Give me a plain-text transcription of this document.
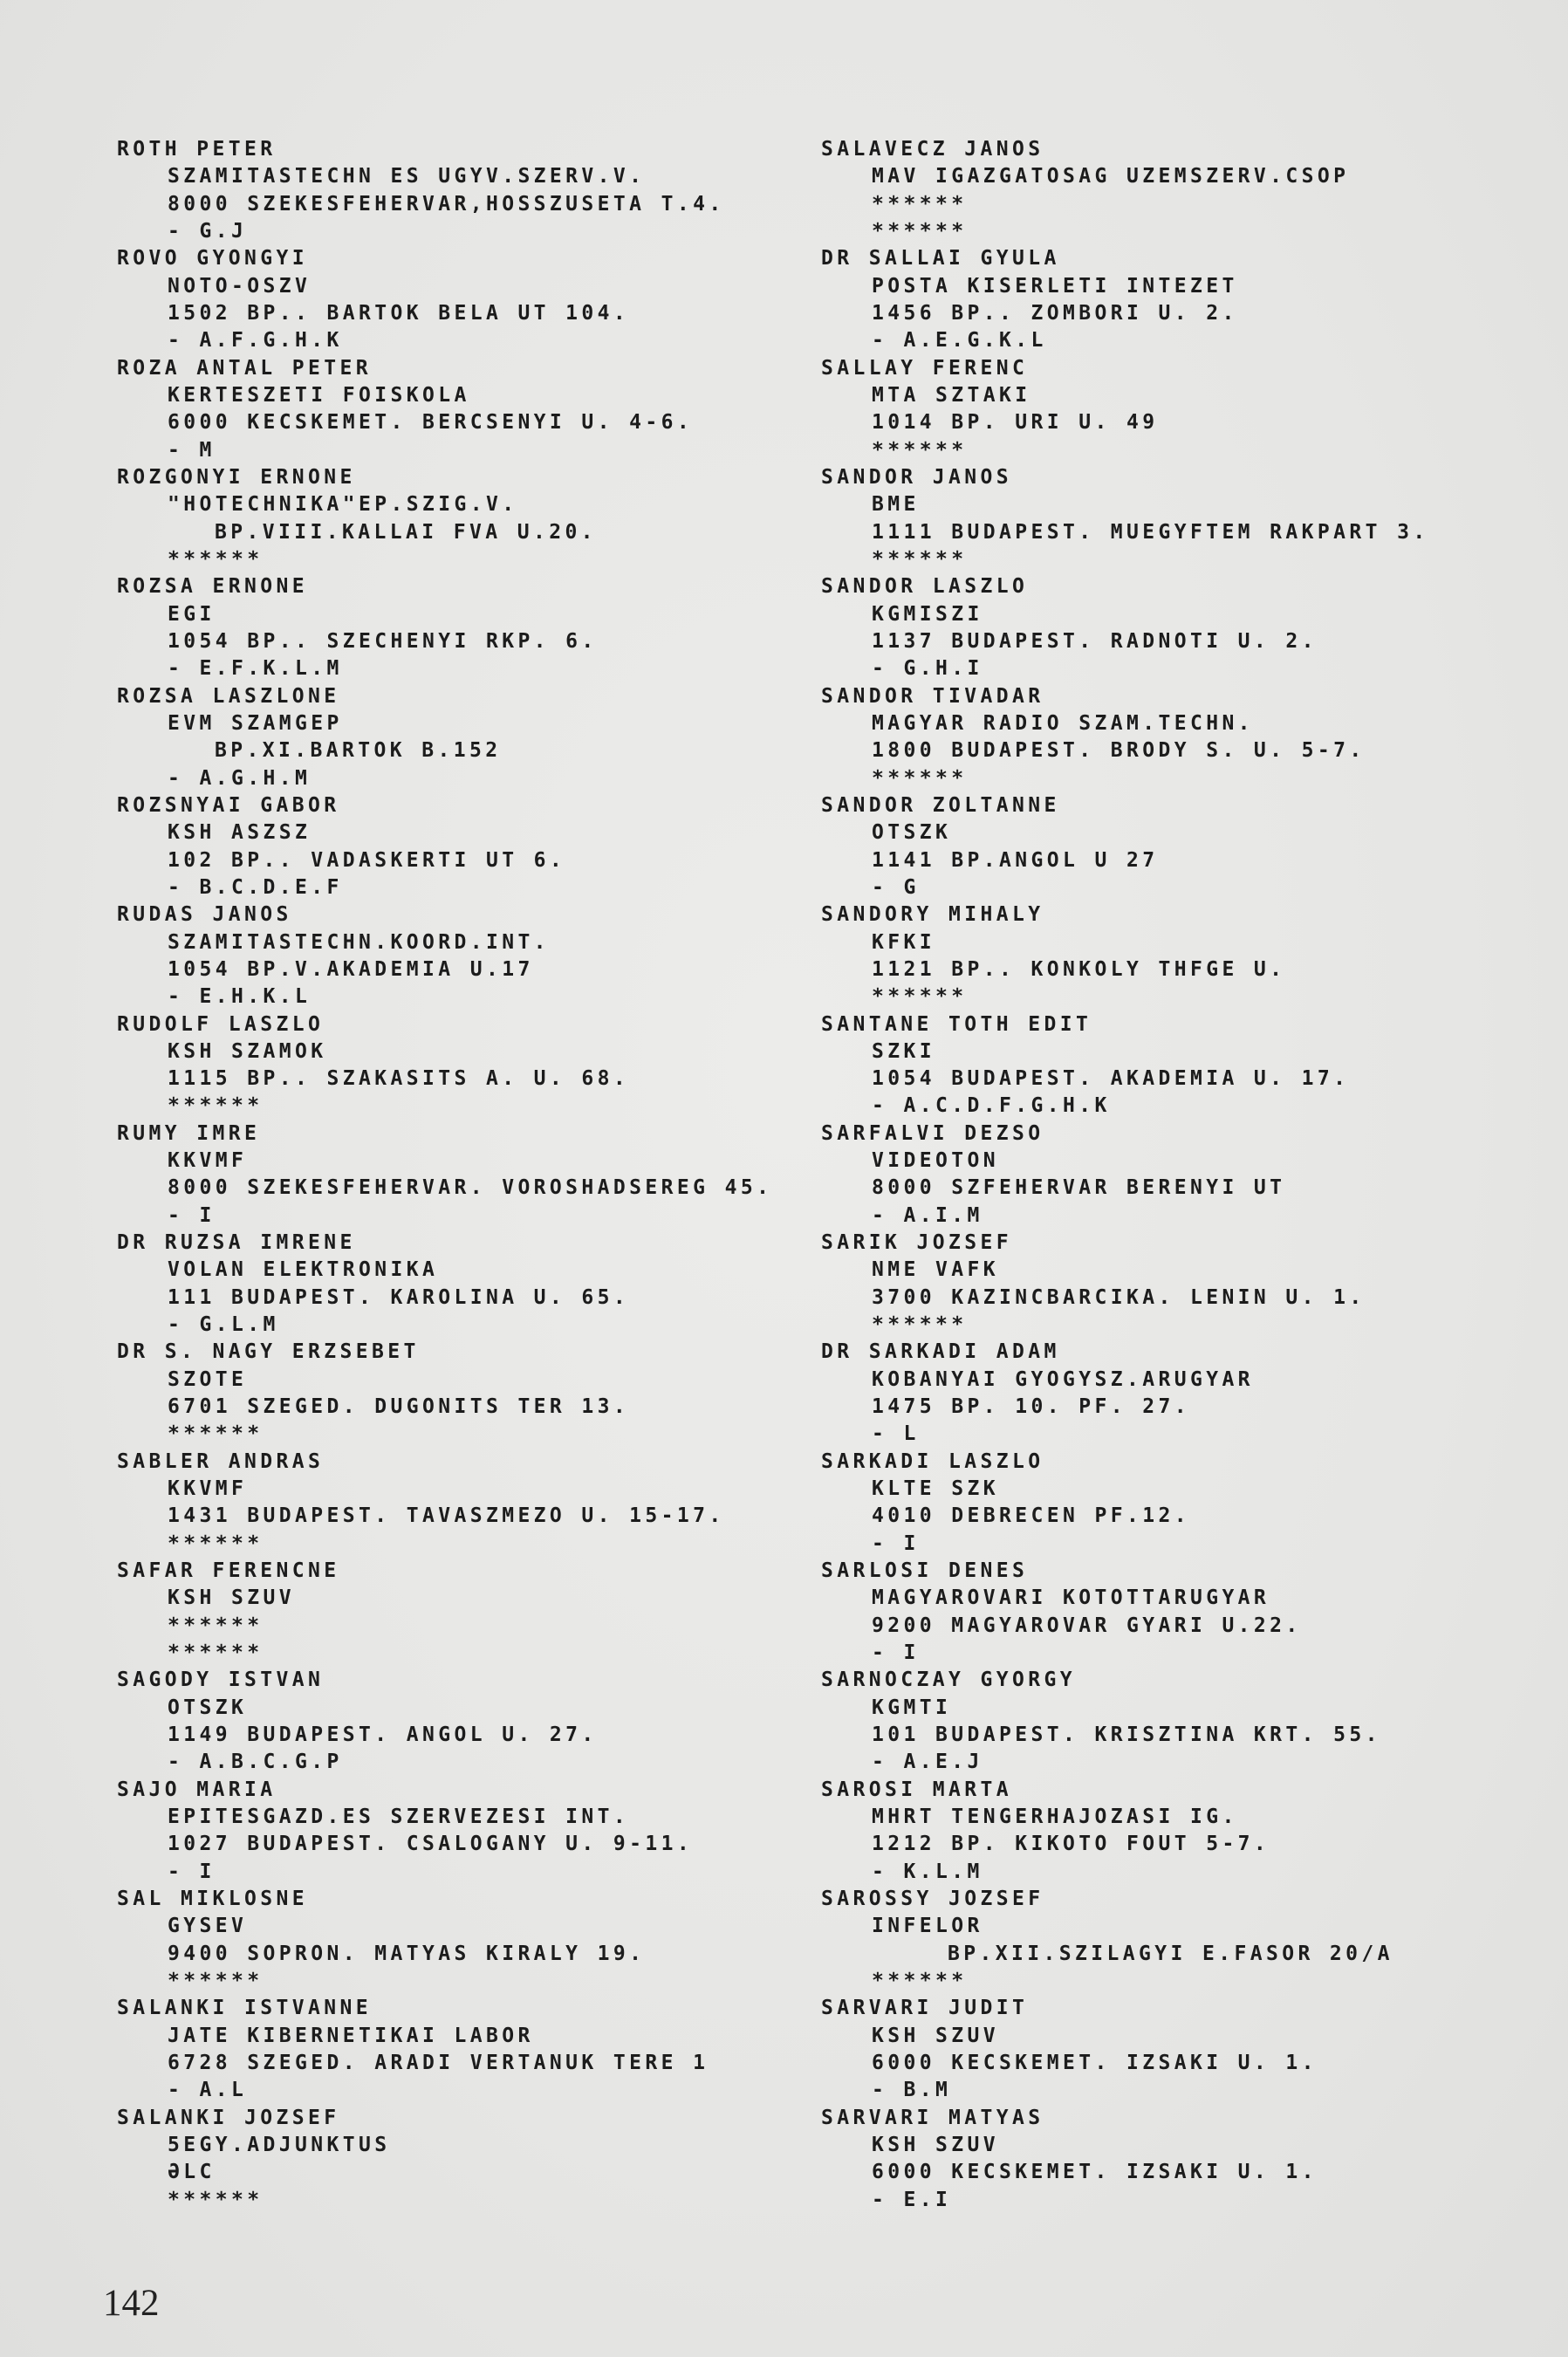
ROTH PETER
SZAMITASTECHN ES UGYV.SZERV.V.
8000 SZEKESFEHERVAR,HOSSZUSETA T.4.
- G.J
ROVO GYONGYI
NOTO-OSZV
1502 BP.. BARTOK BELA UT 104.
- A.F.G.H.K
ROZA ANTAL PETER
KERTESZETI FOISKOLA
6000 KECSKEMET. BERCSENYI U. 4-6.
- M
ROZGONYI ERNONE
"HOTECHNIKA"EP.SZIG.V.
BP.VIII.KALLAI FVA U.20.
******
ROZSA ERNONE
EGI
1054 BP.. SZECHENYI RKP. 6.
- E.F.K.L.M
ROZSA LASZLONE
EVM SZAMGEP
BP.XI.BARTOK B.152
- A.G.H.M
ROZSNYAI GABOR
KSH ASZSZ
102 BP.. VADASKERTI UT 6.
- B.C.D.E.F
RUDAS JANOS
SZAMITASTECHN.KOORD.INT.
1054 BP.V.AKADEMIA U.17
- E.H.K.L
RUDOLF LASZLO
KSH SZAMOK
1115 BP.. SZAKASITS A. U. 68.
******
RUMY IMRE
KKVMF
8000 SZEKESFEHERVAR. VOROSHADSEREG 45.
- I
DR RUZSA IMRENE
VOLAN ELEKTRONIKA
111 BUDAPEST. KAROLINA U. 65.
- G.L.M
DR S. NAGY ERZSEBET
SZOTE
6701 SZEGED. DUGONITS TER 13.
******
SABLER ANDRAS
KKVMF
1431 BUDAPEST. TAVASZMEZO U. 15-17.
******
SAFAR FERENCNE
KSH SZUV
******
******
SAGODY ISTVAN
OTSZK
1149 BUDAPEST. ANGOL U. 27.
- A.B.C.G.P
SAJO MARIA
EPITESGAZD.ES SZERVEZESI INT.
1027 BUDAPEST. CSALOGANY U. 9-11.
- I
SAL MIKLOSNE
GYSEV
9400 SOPRON. MATYAS KIRALY 19.
******
SALANKI ISTVANNE
JATE KIBERNETIKAI LABOR
6728 SZEGED. ARADI VERTANUK TERE 1
- A.L
SALANKI JOZSEF
5EGY.ADJUNKTUS
ƏLC
******
SALAVECZ JANOS
MAV IGAZGATOSAG UZEMSZERV.CSOP
******
******
DR SALLAI GYULA
POSTA KISERLETI INTEZET
1456 BP.. ZOMBORI U. 2.
- A.E.G.K.L
SALLAY FERENC
MTA SZTAKI
1014 BP. URI U. 49
******
SANDOR JANOS
BME
1111 BUDAPEST. MUEGYFTEM RAKPART 3.
******
SANDOR LASZLO
KGMISZI
1137 BUDAPEST. RADNOTI U. 2.
- G.H.I
SANDOR TIVADAR
MAGYAR RADIO SZAM.TECHN.
1800 BUDAPEST. BRODY S. U. 5-7.
******
SANDOR ZOLTANNE
OTSZK
1141 BP.ANGOL U 27
- G
SANDORY MIHALY
KFKI
1121 BP.. KONKOLY THFGE U.
******
SANTANE TOTH EDIT
SZKI
1054 BUDAPEST. AKADEMIA U. 17.
- A.C.D.F.G.H.K
SARFALVI DEZSO
VIDEOTON
8000 SZFEHERVAR BERENYI UT
- A.I.M
SARIK JOZSEF
NME VAFK
3700 KAZINCBARCIKA. LENIN U. 1.
******
DR SARKADI ADAM
KOBANYAI GYOGYSZ.ARUGYAR
1475 BP. 10. PF. 27.
- L
SARKADI LASZLO
KLTE SZK
4010 DEBRECEN PF.12.
- I
SARLOSI DENES
MAGYAROVARI KOTOTTARUGYAR
9200 MAGYAROVAR GYARI U.22.
- I
SARNOCZAY GYORGY
KGMTI
101 BUDAPEST. KRISZTINA KRT. 55.
- A.E.J
SAROSI MARTA
MHRT TENGERHAJOZASI IG.
1212 BP. KIKOTO FOUT 5-7.
- K.L.M
SAROSSY JOZSEF
INFELOR
BP.XII.SZILAGYI E.FASOR 20/A
******
SARVARI JUDIT
KSH SZUV
6000 KECSKEMET. IZSAKI U. 1.
- B.M
SARVARI MATYAS
KSH SZUV
6000 KECSKEMET. IZSAKI U. 1.
- E.I
142
